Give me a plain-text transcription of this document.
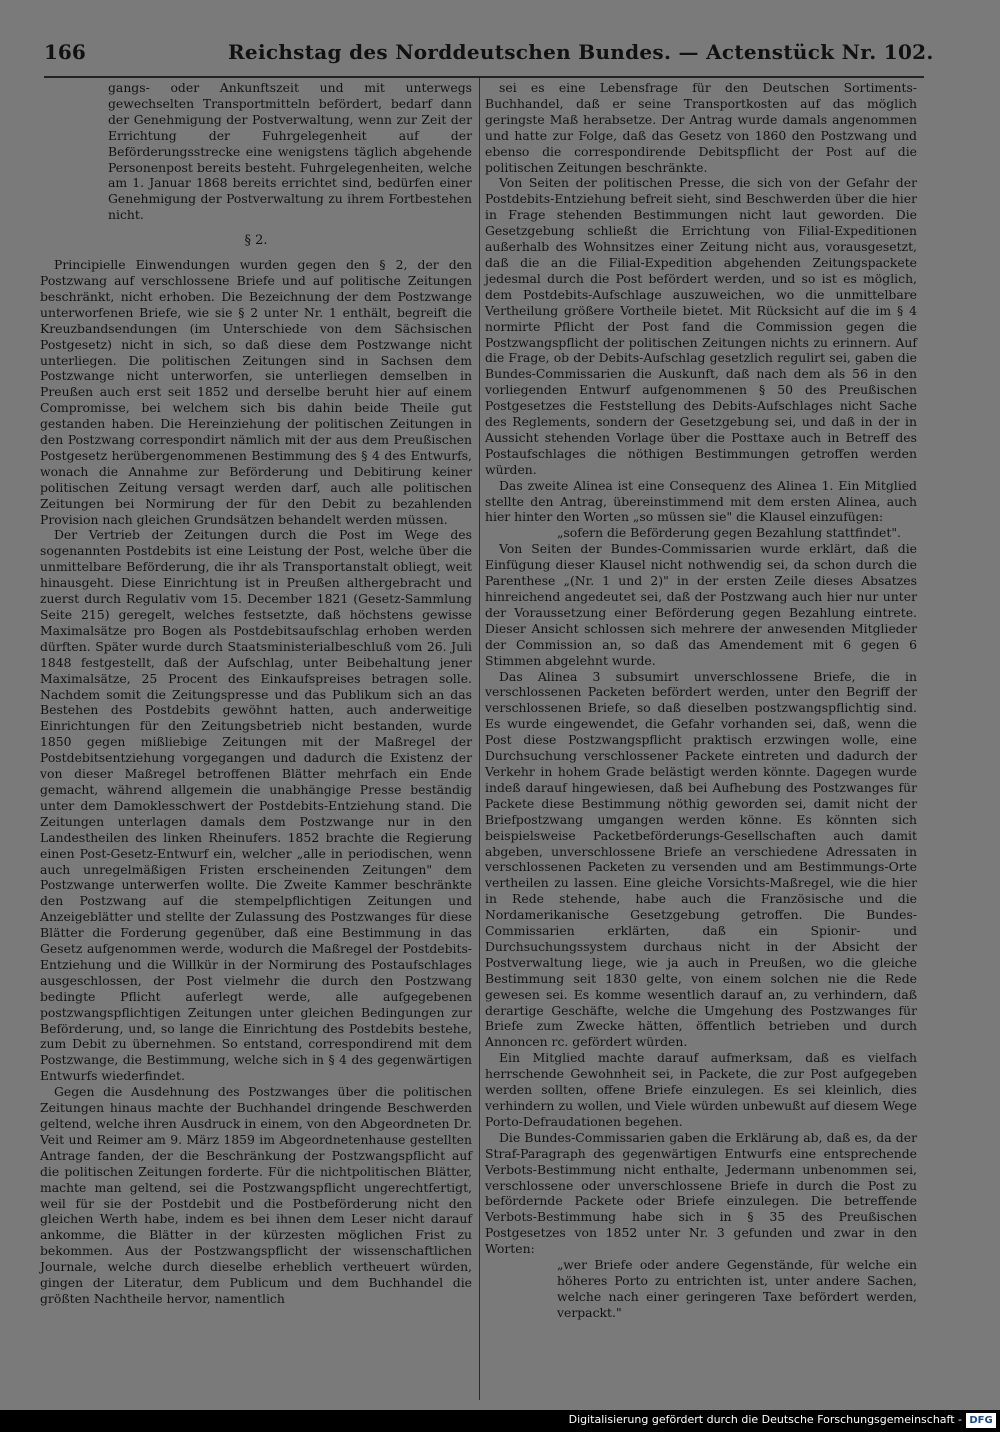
166	Reichstag des Norddeutschen Bundes. — Actenstück Nr. 102.

gangs- oder Ankunftszeit und mit unterwegs gewechselten Transportmitteln befördert, bedarf dann der Genehmigung der Postverwaltung, wenn zur Zeit der Errichtung der Fuhrgelegenheit auf der Beförderungsstrecke eine wenigstens täglich abgehende Personenpost bereits besteht. Fuhrgelegenheiten, welche am 1. Januar 1868 bereits errichtet sind, bedürfen einer Genehmigung der Postverwaltung zu ihrem Fortbestehen nicht.

§ 2.

Principielle Einwendungen wurden gegen den § 2, der den Postzwang auf verschlossene Briefe und auf politische Zeitungen beschränkt, nicht erhoben. Die Bezeichnung der dem Postzwange unterworfenen Briefe, wie sie § 2 unter Nr. 1 enthält, begreift die Kreuzbandsendungen (im Unterschiede von dem Sächsischen Postgesetz) nicht in sich, so daß diese dem Postzwange nicht unterliegen. Die politischen Zeitungen sind in Sachsen dem Postzwange nicht unterworfen, sie unterliegen demselben in Preußen auch erst seit 1852 und derselbe beruht hier auf einem Compromisse, bei welchem sich bis dahin beide Theile gut gestanden haben. Die Hereinziehung der politischen Zeitungen in den Postzwang correspondirt nämlich mit der aus dem Preußischen Postgesetz herübergenommenen Bestimmung des § 4 des Entwurfs, wonach die Annahme zur Beförderung und Debitirung keiner politischen Zeitung versagt werden darf, auch alle politischen Zeitungen bei Normirung der für den Debit zu bezahlenden Provision nach gleichen Grundsätzen behandelt werden müssen.

Der Vertrieb der Zeitungen durch die Post im Wege des sogenannten Postdebits ist eine Leistung der Post, welche über die unmittelbare Beförderung, die ihr als Transportanstalt obliegt, weit hinausgeht. Diese Einrichtung ist in Preußen althergebracht und zuerst durch Regulativ vom 15. December 1821 (Gesetz-Sammlung Seite 215) geregelt, welches festsetzte, daß höchstens gewisse Maximalsätze pro Bogen als Postdebitsaufschlag erhoben werden dürften. Später wurde durch Staatsministerialbeschluß vom 26. Juli 1848 festgestellt, daß der Aufschlag, unter Beibehaltung jener Maximalsätze, 25 Procent des Einkaufspreises betragen solle. Nachdem somit die Zeitungspresse und das Publikum sich an das Bestehen des Postdebits gewöhnt hatten, auch anderweitige Einrichtungen für den Zeitungsbetrieb nicht bestanden, wurde 1850 gegen mißliebige Zeitungen mit der Maßregel der Postdebitsentziehung vorgegangen und dadurch die Existenz der von dieser Maßregel betroffenen Blätter mehrfach ein Ende gemacht, während allgemein die unabhängige Presse beständig unter dem Damoklesschwert der Postdebits-Entziehung stand. Die Zeitungen unterlagen damals dem Postzwange nur in den Landestheilen des linken Rheinufers. 1852 brachte die Regierung einen Post-Gesetz-Entwurf ein, welcher „alle in periodischen, wenn auch unregelmäßigen Fristen erscheinenden Zeitungen" dem Postzwange unterwerfen wollte. Die Zweite Kammer beschränkte den Postzwang auf die stempelpflichtigen Zeitungen und Anzeigeblätter und stellte der Zulassung des Postzwanges für diese Blätter die Forderung gegenüber, daß eine Bestimmung in das Gesetz aufgenommen werde, wodurch die Maßregel der Postdebits-Entziehung und die Willkür in der Normirung des Postaufschlages ausgeschlossen, der Post vielmehr die durch den Postzwang bedingte Pflicht auferlegt werde, alle aufgegebenen postzwangspflichtigen Zeitungen unter gleichen Bedingungen zur Beförderung, und, so lange die Einrichtung des Postdebits bestehe, zum Debit zu übernehmen. So entstand, correspondirend mit dem Postzwange, die Bestimmung, welche sich in § 4 des gegenwärtigen Entwurfs wiederfindet.

Gegen die Ausdehnung des Postzwanges über die politischen Zeitungen hinaus machte der Buchhandel dringende Beschwerden geltend, welche ihren Ausdruck in einem, von den Abgeordneten Dr. Veit und Reimer am 9. März 1859 im Abgeordnetenhause gestellten Antrage fanden, der die Beschränkung der Postzwangspflicht auf die politischen Zeitungen forderte. Für die nichtpolitischen Blätter, machte man geltend, sei die Postzwangspflicht ungerechtfertigt, weil für sie der Postdebit und die Postbeförderung nicht den gleichen Werth habe, indem es bei ihnen dem Leser nicht darauf ankomme, die Blätter in der kürzesten möglichen Frist zu bekommen. Aus der Postzwangspflicht der wissenschaftlichen Journale, welche durch dieselbe erheblich vertheuert würden, gingen der Literatur, dem Publicum und dem Buchhandel die größten Nachtheile hervor, namentlich

sei es eine Lebensfrage für den Deutschen Sortiments-Buchhandel, daß er seine Transportkosten auf das möglich geringste Maß herabsetze. Der Antrag wurde damals angenommen und hatte zur Folge, daß das Gesetz von 1860 den Postzwang und ebenso die correspondirende Debitspflicht der Post auf die politischen Zeitungen beschränkte.

Von Seiten der politischen Presse, die sich von der Gefahr der Postdebits-Entziehung befreit sieht, sind Beschwerden über die hier in Frage stehenden Bestimmungen nicht laut geworden. Die Gesetzgebung schließt die Errichtung von Filial-Expeditionen außerhalb des Wohnsitzes einer Zeitung nicht aus, vorausgesetzt, daß die an die Filial-Expedition abgehenden Zeitungspackete jedesmal durch die Post befördert werden, und so ist es möglich, dem Postdebits-Aufschlage auszuweichen, wo die unmittelbare Vertheilung größere Vortheile bietet. Mit Rücksicht auf die im § 4 normirte Pflicht der Post fand die Commission gegen die Postzwangspflicht der politischen Zeitungen nichts zu erinnern. Auf die Frage, ob der Debits-Aufschlag gesetzlich regulirt sei, gaben die Bundes-Commissarien die Auskunft, daß nach dem als 56 in den vorliegenden Entwurf aufgenommenen § 50 des Preußischen Postgesetzes die Feststellung des Debits-Aufschlages nicht Sache des Reglements, sondern der Gesetzgebung sei, und daß in der in Aussicht stehenden Vorlage über die Posttaxe auch in Betreff des Postaufschlages die nöthigen Bestimmungen getroffen werden würden.

Das zweite Alinea ist eine Consequenz des Alinea 1. Ein Mitglied stellte den Antrag, übereinstimmend mit dem ersten Alinea, auch hier hinter den Worten „so müssen sie" die Klausel einzufügen:

„sofern die Beförderung gegen Bezahlung stattfindet".

Von Seiten der Bundes-Commissarien wurde erklärt, daß die Einfügung dieser Klausel nicht nothwendig sei, da schon durch die Parenthese „(Nr. 1 und 2)" in der ersten Zeile dieses Absatzes hinreichend angedeutet sei, daß der Postzwang auch hier nur unter der Voraussetzung einer Beförderung gegen Bezahlung eintrete. Dieser Ansicht schlossen sich mehrere der anwesenden Mitglieder der Commission an, so daß das Amendement mit 6 gegen 6 Stimmen abgelehnt wurde.

Das Alinea 3 subsumirt unverschlossene Briefe, die in verschlossenen Packeten befördert werden, unter den Begriff der verschlossenen Briefe, so daß dieselben postzwangspflichtig sind. Es wurde eingewendet, die Gefahr vorhanden sei, daß, wenn die Post diese Postzwangspflicht praktisch erzwingen wolle, eine Durchsuchung verschlossener Packete eintreten und dadurch der Verkehr in hohem Grade belästigt werden könnte. Dagegen wurde indeß darauf hingewiesen, daß bei Aufhebung des Postzwanges für Packete diese Bestimmung nöthig geworden sei, damit nicht der Briefpostzwang umgangen werden könne. Es könnten sich beispielsweise Packetbeförderungs-Gesellschaften auch damit abgeben, unverschlossene Briefe an verschiedene Adressaten in verschlossenen Packeten zu versenden und am Bestimmungs-Orte vertheilen zu lassen. Eine gleiche Vorsichts-Maßregel, wie die hier in Rede stehende, habe auch die Französische und die Nordamerikanische Gesetzgebung getroffen. Die Bundes-Commissarien erklärten, daß ein Spionir- und Durchsuchungssystem durchaus nicht in der Absicht der Postverwaltung liege, wie ja auch in Preußen, wo die gleiche Bestimmung seit 1830 gelte, von einem solchen nie die Rede gewesen sei. Es komme wesentlich darauf an, zu verhindern, daß derartige Geschäfte, welche die Umgehung des Postzwanges für Briefe zum Zwecke hätten, öffentlich betrieben und durch Annoncen rc. gefördert würden.

Ein Mitglied machte darauf aufmerksam, daß es vielfach herrschende Gewohnheit sei, in Packete, die zur Post aufgegeben werden sollten, offene Briefe einzulegen. Es sei kleinlich, dies verhindern zu wollen, und Viele würden unbewußt auf diesem Wege Porto-Defraudationen begehen.

Die Bundes-Commissarien gaben die Erklärung ab, daß es, da der Straf-Paragraph des gegenwärtigen Entwurfs eine entsprechende Verbots-Bestimmung nicht enthalte, Jedermann unbenommen sei, verschlossene oder unverschlossene Briefe in durch die Post zu befördernde Packete oder Briefe einzulegen. Die betreffende Verbots-Bestimmung habe sich in § 35 des Preußischen Postgesetzes von 1852 unter Nr. 3 gefunden und zwar in den Worten:

„wer Briefe oder andere Gegenstände, für welche ein höheres Porto zu entrichten ist, unter andere Sachen, welche nach einer geringeren Taxe befördert werden, verpackt."

Digitalisierung gefördert durch die Deutsche Forschungsgemeinschaft - DFG
